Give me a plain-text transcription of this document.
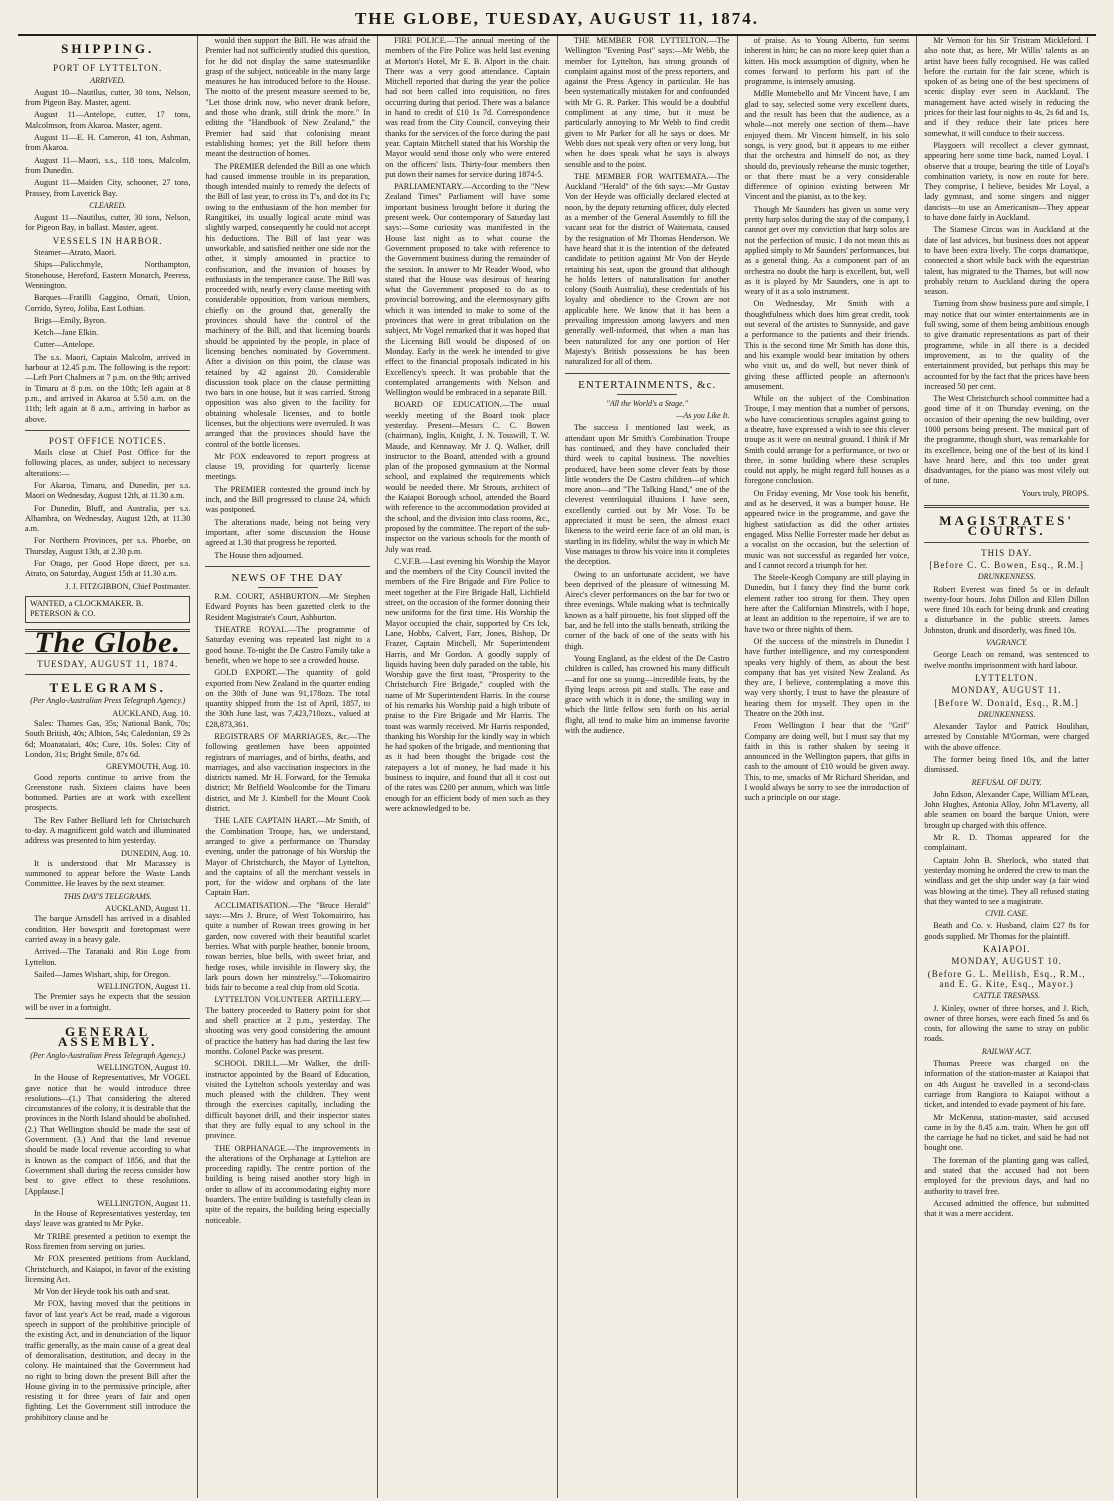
THE GLOBE, TUESDAY, AUGUST 11, 1874.
SHIPPING.
PORT OF LYTTELTON.
ARRIVED.

August 10—Nautilus, cutter, 30 tons, Nelson, from Pigeon Bay. Master, agent.

August 11—Antelope, cutter, 17 tons, Malcolmson, from Akaroa. Master, agent.

August 11—E. H. Cameron, 41 ton, Ashman, from Akaroa.

August 11—Maori, s.s., 118 tons, Malcolm, from Dunedin.

August 11—Maiden City, schooner, 27 tons, Prassey, from Laverick Bay.

CLEARED.

August 11—Nautilus, cutter, 30 tons, Nelson, for Pigeon Bay, in ballast. Master, agent.

VESSELS IN HARBOR.

Steamer—Atrato, Maori.

Ships—Palicchmyle, Northampton, Stonehouse, Hereford, Eastern Monarch, Peeress, Wennington.

Barques—Fratilli Gaggino, Ornati, Union, Corrido, Syreo, Joliba, East Lothian.

Brigs—Emily, Byron.

Ketch—Jane Elkin.

Cutter—Antelope.

The s.s. Maori, Captain Malcolm, arrived in harbour at 12.45 p.m. The following is the report:—Left Port Chalmers at 7 p.m. on the 9th; arrived in Timaru at 8 p.m. on the 10th; left again at 8 p.m., and arrived in Akaroa at 5.50 a.m. on the 11th; left again at 8 a.m., arriving in harbor as above.

POST OFFICE NOTICES.

Mails close at Chief Post Office for the following places, as under, subject to necessary alterations:—

For Akaroa, Timaru, and Dunedin, per s.s. Maori on Wednesday, August 12th, at 11.30 a.m.

For Dunedin, Bluff, and Australia, per s.s. Alhambra, on Wednesday, August 12th, at 11.30 a.m.

For Northern Provinces, per s.s. Phoebe, on Thursday, August 13th, at 2.30 p.m.

For Otago, per Good Hope direct, per s.s. Atrato, on Saturday, August 15th at 11.30 a.m.

J. J. FITZGIBBON, Chief Postmaster.
WANTED, a CLOCKMAKER. B. PETERSON & CO.
The Globe.
TUESDAY, AUGUST 11, 1874.
TELEGRAMS.
(Per Anglo-Australian Press Telegraph Agency.)
AUCKLAND, Aug. 10.

Sales: Thames Gas, 35s; National Bank, 70s; South British, 40s; Albion, 54s; Caledonian, £9 2s 6d; Moanataiari, 40s; Cure, 10s. Soles: City of London, 31s; Bright Smile, 87s 6d.

GREYMOUTH, Aug. 10.

Good reports continue to arrive from the Greenstone rush. Sixteen claims have been bottomed. Parties are at work with excellent prospects.

The Rev Father Belliard left for Christchurch to-day. A magnificent gold watch and illuminated address was presented to him yesterday.

DUNEDIN, Aug. 10.

It is understood that Mr Macassey is summoned to appear before the Waste Lands Committee. He leaves by the next steamer.

THIS DAY'S TELEGRAMS.
AUCKLAND, August 11.

The barque Arnsdell has arrived in a disabled condition. Her bowsprit and foretopmast were carried away in a heavy gale.

Arrived—The Taranaki and Rio Loge from Lyttelton.

Sailed—James Wishart, ship, for Oregon.

WELLINGTON, August 11.

The Premier says he expects that the session will be over in a fortnight.

GENERAL ASSEMBLY.
(Per Anglo-Australian Press Telegraph Agency.)
WELLINGTON, August 10.

In the House of Representatives, Mr VOGEL gave notice that he would introduce three resolutions—(1.) That considering the altered circumstances of the colony, it is desirable that the provinces in the North Island should be abolished. (2.) That Wellington should be made the seat of Government. (3.) And that the land revenue should be made local revenue according to what is known as the compact of 1856, and that the Government shall during the recess consider how best to give effect to these resolutions. [Applause.]

WELLINGTON, August 11.

In the House of Representatives yesterday, ten days' leave was granted to Mr Pyke.

Mr TRIBE presented a petition to exempt the Ross firemen from serving on juries.

Mr FOX presented petitions from Auckland, Christchurch, and Kaiapoi, in favor of the existing licensing Act.

Mr Von der Heyde took his oath and seat.

Mr FOX, having moved that the petitions in favor of last year's Act be read, made a vigorous speech in support of the prohibitive principle of the existing Act, and in denunciation of the liquor traffic generally, as the main cause of a great deal of demoralisation, destitution, and decay in the colony. He maintained that the Government had no right to bring down the present Bill after the House giving in to the permissive principle, after resisting it for three years of fair and open fighting. Let the Government still introduce the prohibitory clause and he

would then support the Bill. He was afraid the Premier had not sufficiently studied this question, for he did not display the same statesmanlike grasp of the subject, noticeable in the many large measures he has introduced before to the House. The motto of the present measure seemed to be, "Let those drink now, who never drank before, and those who drank, still drink the more." In editing the "Handbook of New Zealand," the Premier had said that colonising meant establishing homes; yet the Bill before them meant the destruction of homes.

The PREMIER defended the Bill as one which had caused immense trouble in its preparation, though intended mainly to remedy the defects of the Bill of last year, to cross its T's, and dot its I's; owing to the enthusiasm of the hon member for Rangitikei, its usually logical acute mind was slightly warped, consequently he could not accept his deductions. The Bill of last year was unworkable, and satisfied neither one side nor the other, it simply amounted in practice to confiscation, and the invasion of houses by enthusiasts in the temperance cause. The Bill was proceeded with, nearly every clause meeting with considerable opposition, from various members, chiefly on the ground that, generally the provinces should have the control of the machinery of the Bill, and that licensing boards should be appointed by the people, in place of licensing benches nominated by Government. After a division on this point, the clause was retained by 42 against 20. Considerable discussion took place on the clause permitting two bars in one house, but it was carried. Strong opposition was also given to the facility for obtaining wholesale licenses, and to bottle licenses, but the objections were overruled. It was arranged that the provinces should have the control of the bottle licenses.

Mr FOX endeavored to report progress at clause 19, providing for quarterly license meetings.

The PREMIER contested the ground inch by inch, and the Bill progressed to clause 24, which was postponed.

The alterations made, being not being very important, after some discussion the House agreed at 1.30 that progress be reported.

The House then adjourned.

NEWS OF THE DAY

R.M. COURT, ASHBURTON.—Mr Stephen Edward Poynts has been gazetted clerk to the Resident Magistrate's Court, Ashburton.

THEATRE ROYAL.—The programme of Saturday evening was repeated last night to a good house. To-night the De Castro Family take a benefit, when we hope to see a crowded house.

GOLD EXPORT.—The quantity of gold exported from New Zealand in the quarter ending on the 30th of June was 91,178ozs. The total quantity shipped from the 1st of April, 1857, to the 30th June last, was 7,423,710ozs., valued at £28,873,361.

REGISTRARS OF MARRIAGES, &c.—The following gentlemen have been appointed registrars of marriages, and of births, deaths, and marriages, and also vaccination inspectors in the districts named. Mr H. Forward, for the Temuka district; Mr Belfield Woolcombe for the Timaru district, and Mr J. Kimbell for the Mount Cook district.

THE LATE CAPTAIN HART.—Mr Smith, of the Combination Troupe, has, we understand, arranged to give a performance on Thursday evening, under the patronage of his Worship the Mayor of Christchurch, the Mayor of Lyttelton, and the captains of all the merchant vessels in port, for the widow and orphans of the late Captain Hart.

ACCLIMATISATION.—The "Bruce Herald" says:—Mrs J. Bruce, of West Tokomairiro, has quite a number of Rowan trees growing in her garden, now covered with their beautiful scarlet berries. What with purple heather, bonnie broom, rowan berries, blue bells, with sweet briar, and hedge roses, while invisible in flowery sky, the lark pours down her minstrelsy."—Tokomairiro bids fair to become a real chip from old Scotia.

LYTTELTON VOLUNTEER ARTILLERY.—The battery proceeded to Battery point for shot and shell practice at 2 p.m., yesterday. The shooting was very good considering the amount of practice the battery has had during the last few months. Colonel Packe was present.

SCHOOL DRILL.—Mr Walker, the drill-instructor appointed by the Board of Education, visited the Lyttelton schools yesterday and was much pleased with the children. They went through the exercises capitally, including the difficult bayonet drill, and their inspector states that they are fully equal to any school in the province.

THE ORPHANAGE.—The improvements in the alterations of the Orphanage at Lyttelton are proceeding rapidly. The centre portion of the building is being raised another story high in order to allow of its accommodating eighty more boarders. The entire building is tastefully clean in spite of the repairs, the building being especially noticeable.

FIRE POLICE.—The annual meeting of the members of the Fire Police was held last evening at Morton's Hotel, Mr E. B. Alport in the chair. There was a very good attendance. Captain Mitchell reported that during the year the police had not been called into requisition, no fires occurring during that period. There was a balance in hand to credit of £10 1s 7d. Correspondence was read from the City Council, conveying their thanks for the services of the force during the past year. Captain Mitchell stated that his Worship the Mayor would send those only who were entered on the officers' lists. Thirty-four members then put down their names for service during 1874-5.

PARLIAMENTARY.—According to the "New Zealand Times" Parliament will have some important business brought before it during the present week. Our contemporary of Saturday last says:—Some curiosity was manifested in the House last night as to what course the Government proposed to take with reference to the Government business during the remainder of the session. In answer to Mr Reader Wood, who stated that the House was desirous of hearing what the Government proposed to do as to provincial borrowing, and the eleemosynary gifts which it was intended to make to some of the provinces that were in great tribulation on the subject, Mr Vogel remarked that it was hoped that the Licensing Bill would be disposed of on Monday. Early in the week he intended to give effect to the financial proposals indicated in his Excellency's speech. It was probable that the contemplated arrangements with Nelson and Wellington would be embraced in a separate Bill.

BOARD OF EDUCATION.—The usual weekly meeting of the Board took place yesterday. Present—Messrs C. C. Bowen (chairman), Inglis, Knight, J. N. Tosswill, T. W. Maude, and Kennaway. Mr J. Q. Walker, drill instructor to the Board, attended with a ground plan of the proposed gymnasium at the Normal school, and explained the requirements which would be needed there. Mr Strouts, architect of the Kaiapoi Borough school, attended the Board with reference to the accommodation provided at the school, and the division into class rooms, &c., proposed by the committee. The report of the sub-inspector on the various schools for the month of July was read.

C.V.F.B.—Last evening his Worship the Mayor and the members of the City Council invited the members of the Fire Brigade and Fire Police to meet together at the Fire Brigade Hall, Lichfield street, on the occasion of the former donning their new uniforms for the first time. His Worship the Mayor occupied the chair, supported by Crs Ick, Lane, Hobbs, Calvert, Farr, Jones, Bishop, Dr Frazer, Captain Mitchell, Mr Superintendent Harris, and Mr Gordon. A goodly supply of liquids having been duly paraded on the table, his Worship gave the first toast, "Prosperity to the Christchurch Fire Brigade," coupled with the name of Mr Superintendent Harris. In the course of his remarks his Worship paid a high tribute of praise to the Fire Brigade and Mr Harris. The toast was warmly received. Mr Harris responded, thanking his Worship for the kindly way in which he had spoken of the brigade, and mentioning that as it had been thought the brigade cost the ratepayers a lot of money, he had made it his business to inquire, and found that all it cost out of the rates was £200 per annum, which was little enough for an efficient body of men such as they were acknowledged to be.

THE MEMBER FOR LYTTELTON.—The Wellington "Evening Post" says:—Mr Webb, the member for Lyttelton, has strong grounds of complaint against most of the press reporters, and against the Press Agency in particular. He has been systematically mistaken for and confounded with Mr G. R. Parker. This would be a doubtful compliment at any time, but it must be particularly annoying to Mr Webb to find credit given to Mr Parker for all he says or does. Mr Webb does not speak very often or very long, but when he does speak what he says is always sensible and to the point.

THE MEMBER FOR WAITEMATA.—The Auckland "Herald" of the 6th says:—Mr Gustav Von der Heyde was officially declared elected at noon, by the deputy returning officer, duly elected as a member of the General Assembly to fill the vacant seat for the district of Waitemata, caused by the resignation of Mr Thomas Henderson. We have heard that it is the intention of the defeated candidate to petition against Mr Von der Heyde retaining his seat, upon the ground that although he holds letters of naturalisation for another colony (South Australia), these credentials of his loyalty and obedience to the Crown are not applicable here. We know that it has been a prevailing impression among lawyers and men generally well-informed, that when a man has been naturalized for any one portion of Her Majesty's British possessions he has been naturalized for all of them.

ENTERTAINMENTS, &c.
"All the World's a Stage."
—As you Like It.

The success I mentioned last week, as attendant upon Mr Smith's Combination Troupe has continued, and they have concluded their third week to capital business. The novelties produced, have been some clever feats by those little wonders the De Castro children—of which more anon—and "The Talking Hand," one of the cleverest ventriloquial illusions I have seen, excellently carried out by Mr Vose. To be appreciated it must be seen, the almost exact likeness to the weird eerie face of an old man, is startling in its fidelity, whilst the way in which Mr Vose manages to throw his voice into it completes the deception.

Owing to an unfortunate accident, we have been deprived of the pleasure of witnessing M. Airec's clever performances on the bar for two or three evenings. While making what is technically known as a half pirouette, his foot slipped off the bar, and he fell into the stalls beneath, striking the corner of the back of one of the seats with his thigh.

Young England, as the eldest of the De Castro children is called, has crowned his many difficult—and for one so young—incredible feats, by the flying leaps across pit and stalls. The ease and grace with which it is done, the smiling way in which the little fellow sets forth on his aerial flight, all tend to make him an immense favorite with the audience.

of praise. As to Young Alberto, fun seems inherent in him; he can no more keep quiet than a kitten. His mock assumption of dignity, when he comes forward to perform his part of the programme, is intensely amusing.

Mdlle Montebello and Mr Vincent have, I am glad to say, selected some very excellent duets, and the result has been that the audience, as a whole—not merely one section of them—have enjoyed them. Mr Vincent himself, in his solo songs, is very good, but it appears to me either that the orchestra and himself do not, as they should do, previously rehearse the music together, or that there must be a very considerable difference of opinion existing between Mr Vincent and the pianist, as to the key.

Though Mr Saunders has given us some very pretty harp solos during the stay of the company, I cannot get over my conviction that harp solos are not the perfection of music. I do not mean this as applied simply to Mr Saunders' performances, but as a general thing. As a component part of an orchestra no doubt the harp is excellent, but, well as it is played by Mr Saunders, one is apt to weary of it as a solo instrument.

On Wednesday, Mr Smith with a thoughtfulness which does him great credit, took out several of the artistes to Sunnyside, and gave a performance to the patients and their friends. This is the second time Mr Smith has done this, and his example would bear imitation by others who visit us, and do well, but never think of giving these afflicted people an afternoon's amusement.

While on the subject of the Combination Troupe, I may mention that a number of persons, who have conscientious scruples against going to a theatre, have expressed a wish to see this clever troupe as it were on neutral ground. I think if Mr Smith could arrange for a performance, or two or three, in some building where these scruples could not apply, he might regard full houses as a foregone conclusion.

On Friday evening, Mr Vose took his benefit, and as he deserved, it was a bumper house. He appeared twice in the programme, and gave the highest satisfaction as did the other artistes engaged. Miss Nellie Forrester made her debut as a vocalist on the occasion, but the selection of music was not successful as regarded her voice, and I cannot record a triumph for her.

The Steele-Keogh Company are still playing in Dunedin, but I fancy they find the burnt cork element rather too strong for them. They open here after the Californian Minstrels, with I hope, at least an addition to the repertoire, if we are to have two or three nights of them.

Of the success of the minstrels in Dunedin I have further intelligence, and my correspondent speaks very highly of them, as about the best company that has yet visited New Zealand. As they are, I believe, contemplating a move this way very shortly, I trust to have the pleasure of hearing them for myself. They open in the Theatre on the 20th inst.

From Wellington I hear that the "Grif" Company are doing well, but I must say that my faith in this is rather shaken by seeing it announced in the Wellington papers, that gifts in cash to the amount of £10 would be given away. This, to me, smacks of Mr Richard Sheridan, and I would always be sorry to see the introduction of such a principle on our stage.

Mr Vernon for his Sir Tristram Mickleford. I also note that, as here, Mr Willis' talents as an artist have been fully recognised. He was called before the curtain for the fair scene, which is spoken of as being one of the best specimens of scenic display ever seen in Auckland. The management have acted wisely in reducing the prices for their last four nights to 4s, 2s 6d and 1s, and if they reduce their late prices here somewhat, it will conduce to their success.

Playgoers will recollect a clever gymnast, appearing here some time back, named Loyal. I observe that a troupe, bearing the title of Loyal's combination variety, is now en route for here. They comprise, I believe, besides Mr Loyal, a lady gymnast, and some singers and nigger dancists—to use an Americanism—They appear to have done fairly in Auckland.

The Siamese Circus was in Auckland at the date of last advices, but business does not appear to have been extra lively. The corps dramatique, connected a short while back with the equestrian talent, has migrated to the Thames, but will now probably return to Auckland during the opera season.

Turning from show business pure and simple, I may notice that our winter entertainments are in full swing, some of them being ambitious enough to give dramatic representations as part of their programme, while in all there is a decided improvement, as to the quality of the entertainment provided, but perhaps this may be accounted for by the fact that the prices have been increased 50 per cent.

The West Christchurch school committee had a good time of it on Thursday evening, on the occasion of their opening the new building, over 1000 persons being present. The musical part of the programme, though short, was remarkable for its excellence, being one of the best of its kind I have heard here, and this too under great disadvantages, for the piano was most vilely out of tune.

Yours truly, PROPS.
MAGISTRATES' COURTS.
THIS DAY.
[Before C. C. Bowen, Esq., R.M.]
DRUNKENNESS.

Robert Everest was fined 5s or in default twenty-four hours. John Dillon and Ellen Dillon were fined 10s each for being drunk and creating a disturbance in the public streets. James Johnston, drunk and disorderly, was fined 10s.

VAGRANCY.

George Leach on remand, was sentenced to twelve months imprisonment with hard labour.

LYTTELTON.
MONDAY, AUGUST 11.
[Before W. Donald, Esq., R.M.]
DRUNKENNESS.

Alexander Taylor and Patrick Houlihan, arrested by Constable M'Gorman, were charged with the above offence.

The former being fined 10s, and the latter dismissed.

REFUSAL OF DUTY.

John Edson, Alexander Cape, William M'Lean, John Hughes, Antonia Alloy, John M'Laverty, all able seamen on board the barque Union, were brought up charged with this offence.

Mr R. D. Thomas appeared for the complainant.

Captain John B. Sherlock, who stated that yesterday morning he ordered the crew to man the windlass and get the ship under way (a fair wind was blowing at the time). They all refused stating that they wanted to see a magistrate.

CIVIL CASE.

Beath and Co. v. Husband, claim £27 8s for goods supplied. Mr Thomas for the plaintiff.

KAIAPOI.
MONDAY, AUGUST 10.
(Before G. L. Mellish, Esq., R.M., and E. G. Kite, Esq., Mayor.)
CATTLE TRESPASS.

J. Kinley, owner of three horses, and J. Rich, owner of three horses, were each fined 5s and 6s costs, for allowing the same to stray on public roads.

RAILWAY ACT.

Thomas Preece was charged on the information of the station-master at Kaiapoi that on 4th August he travelled in a second-class carriage from Rangiora to Kaiapoi without a ticket, and intended to evade payment of his fare.

Mr McKenna, station-master, said accused came in by the 8.45 a.m. train. When he got off the carriage he had no ticket, and said he had not bought one.

The foreman of the planting gang was called, and stated that the accused had not been employed for the previous days, and had no authority to travel free.

Accused admitted the offence, but submitted that it was a mere accident.
